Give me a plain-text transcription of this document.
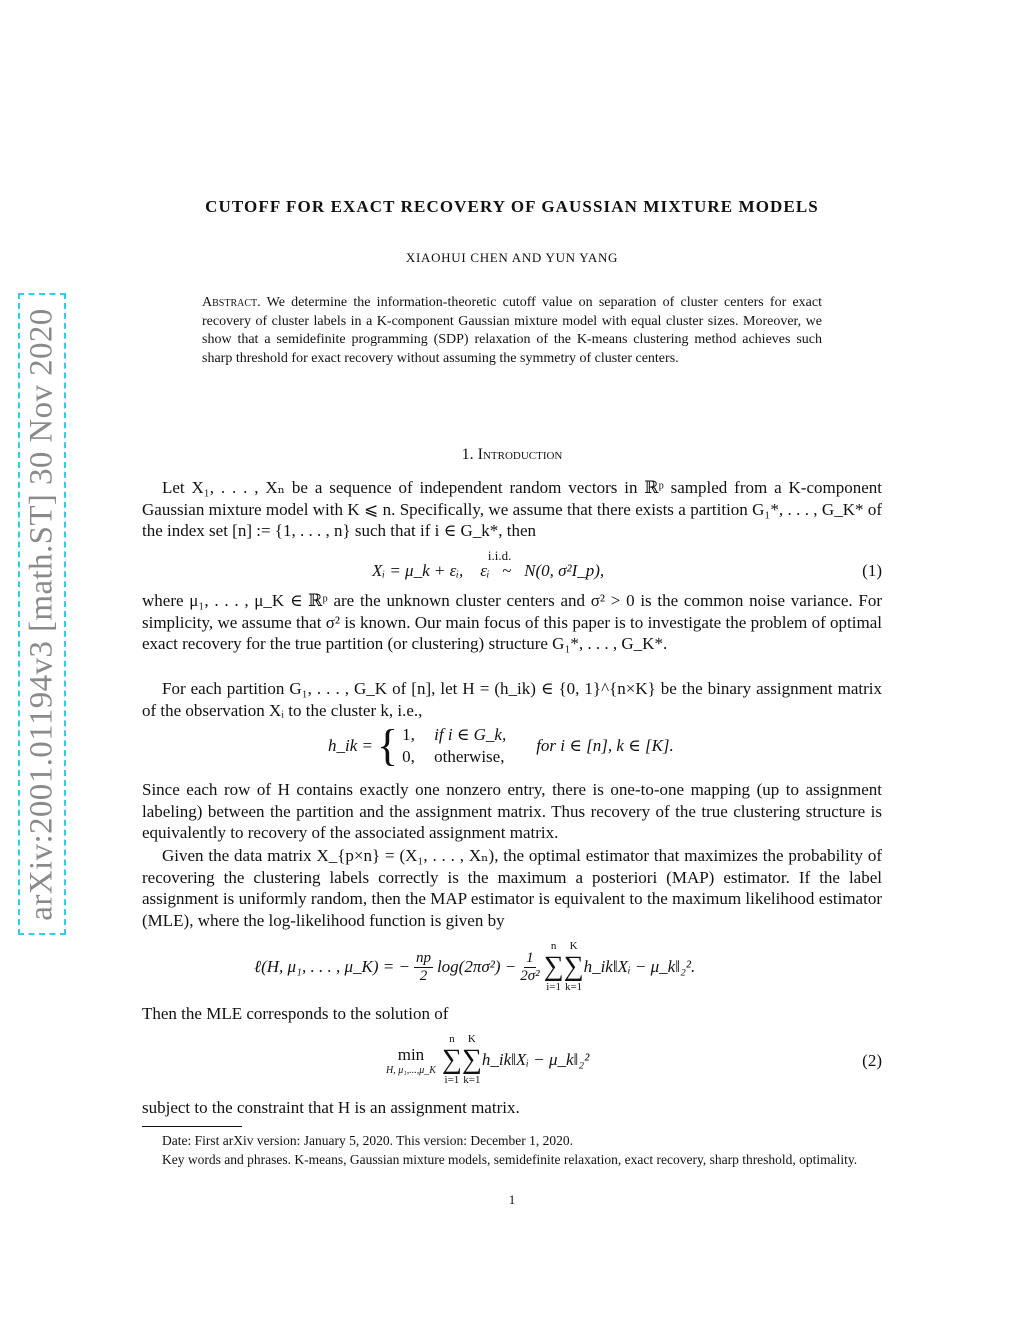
arXiv:2001.01194v3 [math.ST] 30 Nov 2020
CUTOFF FOR EXACT RECOVERY OF GAUSSIAN MIXTURE MODELS
XIAOHUI CHEN AND YUN YANG
Abstract. We determine the information-theoretic cutoff value on separation of cluster centers for exact recovery of cluster labels in a K-component Gaussian mixture model with equal cluster sizes. Moreover, we show that a semidefinite programming (SDP) relaxation of the K-means clustering method achieves such sharp threshold for exact recovery without assuming the symmetry of cluster centers.
1. Introduction
Let X₁, . . . , Xₙ be a sequence of independent random vectors in ℝᵖ sampled from a K-component Gaussian mixture model with K ⩽ n. Specifically, we assume that there exists a partition G₁*, . . . , G_K* of the index set [n] := {1, . . . , n} such that if i ∈ G_k*, then
Xᵢ = μ_k + εᵢ, εᵢ
i.i.d.
~ N(0, σ²I_p),	(1)
where μ₁, . . . , μ_K ∈ ℝᵖ are the unknown cluster centers and σ² > 0 is the common noise variance. For simplicity, we assume that σ² is known. Our main focus of this paper is to investigate the problem of optimal exact recovery for the true partition (or clustering) structure G₁*, . . . , G_K*.
For each partition G₁, . . . , G_K of [n], let H = (h_ik) ∈ {0, 1}^{n×K} be the binary assignment matrix of the observation Xᵢ to the cluster k, i.e.,
h_ik = { 1, if i ∈ G_k,
0, otherwise,
for i ∈ [n], k ∈ [K].
Since each row of H contains exactly one nonzero entry, there is one-to-one mapping (up to assignment labeling) between the partition and the assignment matrix. Thus recovery of the true clustering structure is equivalently to recovery of the associated assignment matrix.
Given the data matrix X_{p×n} = (X₁, . . . , Xₙ), the optimal estimator that maximizes the probability of recovering the clustering labels correctly is the maximum a posteriori (MAP) estimator. If the label assignment is uniformly random, then the MAP estimator is equivalent to the maximum likelihood estimator (MLE), where the log-likelihood function is given by
ℓ(H, μ₁, . . . , μ_K) = − $\frac{np}{2} \log(2\pi\sigma^2) - \frac{1}{\text{2σ²}}$
n
∑
i=1
K
∑
k=1
h_ik‖Xᵢ − μ_k‖₂².
Then the MLE corresponds to the solution of
min
H, μ₁,...,μ_K
n
∑
i=1
K
∑
k=1
h_ik‖Xᵢ − μ_k‖₂²	(2)
subject to the constraint that H is an assignment matrix.
Date: First arXiv version: January 5, 2020. This version: December 1, 2020.
Key words and phrases. K-means, Gaussian mixture models, semidefinite relaxation, exact recovery, sharp threshold, optimality.
1
